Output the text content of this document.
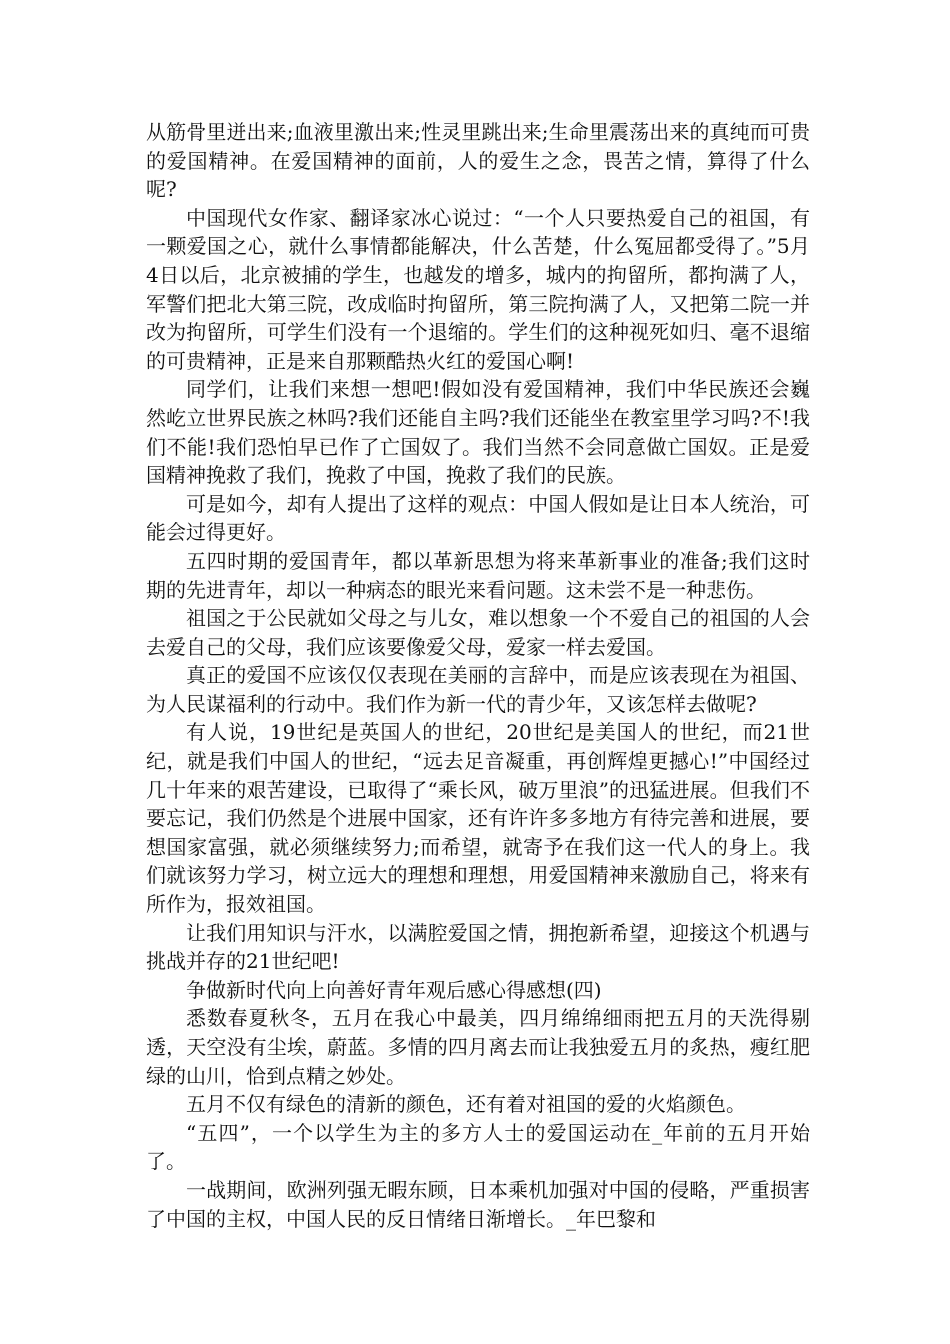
从筋骨里迸出来;血液里激出来;性灵里跳出来;生命里震荡出来的真纯而可贵的爱国精神。在爱国精神的面前，人的爱生之念，畏苦之情，算得了什么呢?

中国现代女作家、翻译家冰心说过：“一个人只要热爱自己的祖国，有一颗爱国之心，就什么事情都能解决，什么苦楚，什么冤屈都受得了。”5月4日以后，北京被捕的学生，也越发的增多，城内的拘留所，都拘满了人，军警们把北大第三院，改成临时拘留所，第三院拘满了人，又把第二院一并改为拘留所，可学生们没有一个退缩的。学生们的这种视死如归、毫不退缩的可贵精神，正是来自那颗酷热火红的爱国心啊!

同学们，让我们来想一想吧!假如没有爱国精神，我们中华民族还会巍然屹立世界民族之林吗?我们还能自主吗?我们还能坐在教室里学习吗?不!我们不能!我们恐怕早已作了亡国奴了。我们当然不会同意做亡国奴。正是爱国精神挽救了我们，挽救了中国，挽救了我们的民族。

可是如今，却有人提出了这样的观点：中国人假如是让日本人统治，可能会过得更好。

五四时期的爱国青年，都以革新思想为将来革新事业的准备;我们这时期的先进青年，却以一种病态的眼光来看问题。这未尝不是一种悲伤。

祖国之于公民就如父母之与儿女，难以想象一个不爱自己的祖国的人会去爱自己的父母，我们应该要像爱父母，爱家一样去爱国。

真正的爱国不应该仅仅表现在美丽的言辞中，而是应该表现在为祖国、为人民谋福利的行动中。我们作为新一代的青少年，又该怎样去做呢?

有人说，19世纪是英国人的世纪，20世纪是美国人的世纪，而21世纪，就是我们中国人的世纪，“远去足音凝重，再创辉煌更撼心!”中国经过几十年来的艰苦建设，已取得了“乘长风，破万里浪”的迅猛进展。但我们不要忘记，我们仍然是个进展中国家，还有许许多多地方有待完善和进展，要想国家富强，就必须继续努力;而希望，就寄予在我们这一代人的身上。我们就该努力学习，树立远大的理想和理想，用爱国精神来激励自己，将来有所作为，报效祖国。

让我们用知识与汗水，以满腔爱国之情，拥抱新希望，迎接这个机遇与挑战并存的21世纪吧!

争做新时代向上向善好青年观后感心得感想(四)

悉数春夏秋冬，五月在我心中最美，四月绵绵细雨把五月的天洗得剔透，天空没有尘埃，蔚蓝。多情的四月离去而让我独爱五月的炙热，瘦红肥绿的山川，恰到点精之妙处。

五月不仅有绿色的清新的颜色，还有着对祖国的爱的火焰颜色。

“五四”，一个以学生为主的多方人士的爱国运动在_年前的五月开始了。

一战期间，欧洲列强无暇东顾，日本乘机加强对中国的侵略，严重损害了中国的主权，中国人民的反日情绪日渐增长。_年巴黎和
